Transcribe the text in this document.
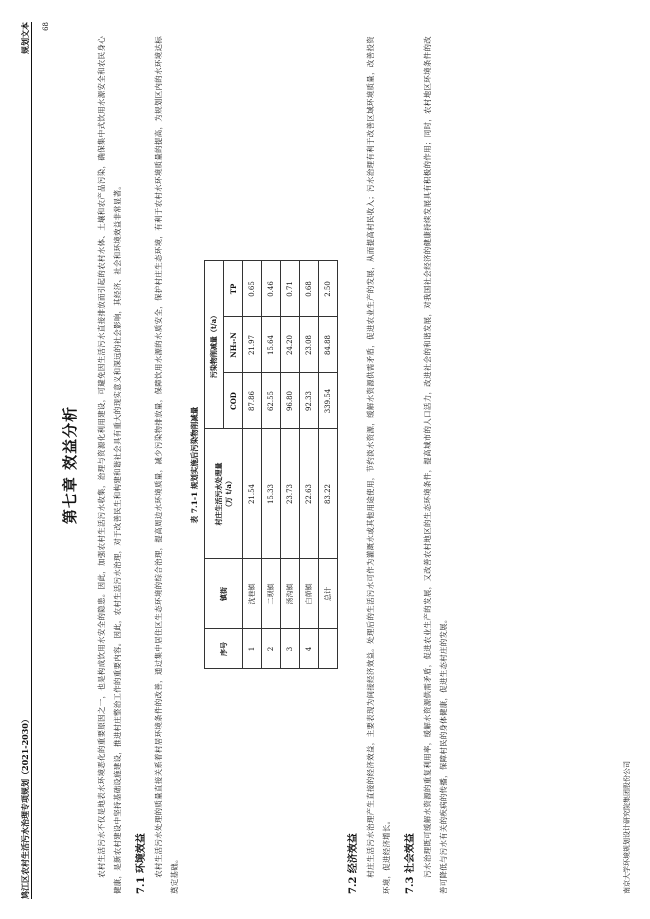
鸠江区农村生活污水治理专项规划（2021-2030）
规划文本 68
第七章 效益分析	农村生活污水不仅是地表水环境恶化的重要原因之一，也是构成饮用水安全的隐患。因此，加强农村生活污水收集，治理与资源化利用建设，可避免因生活污水直接排放而引起的农村水体、土壤和农产品污染，确保集中式饮用水源安全和农民身心健康，是新农村建设中坚持基础设施建设，推进村庄整治工作的重要内容。因此，农村生活污水治理，对于改善民生和构建和谐社会具有重大的现实意义和深远的社会影响，其经济、社会和环境效益非常显著。	7.1 环境效益 农村生活污水处理的质量直接关系着村居环境条件的改善，通过集中居住区生态环境的综合治理，提高周边水环境质量，减少污染物排放量，保障饮用水源的水质安全，保护村庄生态环境，有利于农村水环境质量的提高，为规划区内的水环境达标奠定基础。

表 7.1-1 规划实施后污染物削减量
序号	镇街	村庄生活污水处理量
（万 t/a）	污染物削减量（t/a）		
			COD	NH₃-N	TP
1	沈巷镇	21.54	87.86	21.97	0.65
2	二坝镇	15.33	62.55	15.64	0.46
3	汤沟镇	23.73	96.80	24.20	0.71
4	白茆镇	22.63	92.33	23.08	0.68
	总计	83.22	339.54	84.88	2.50
7.2 经济效益 村庄生活污水治理产生直接的经济效益，主要表现为间接经济效益。处理后的生活污水可作为灌溉水或其他用途使用，节约淡水资源，缓解水资源供需矛盾，促进农业生产的发展，从而提高村民收入；污水治理有利于改善区域环境质量，改善投资环境，促进经济增长。	7.3 社会效益 污水治理既可缓解水资源的重复利用率，缓解水资源供需矛盾，促进农业生产的发展，又改善农村地区的生态环境条件，提高城市的人口活力，改进社会的和谐发展，对我国社会经济的健康持续发展具有积极的作用；同时，农村地区环境条件的改善可降低与污水有关的疾病的传播，保障村民的身体健康，促进生态村庄的发展。	南京大学环境规划设计研究院集团股份公司
